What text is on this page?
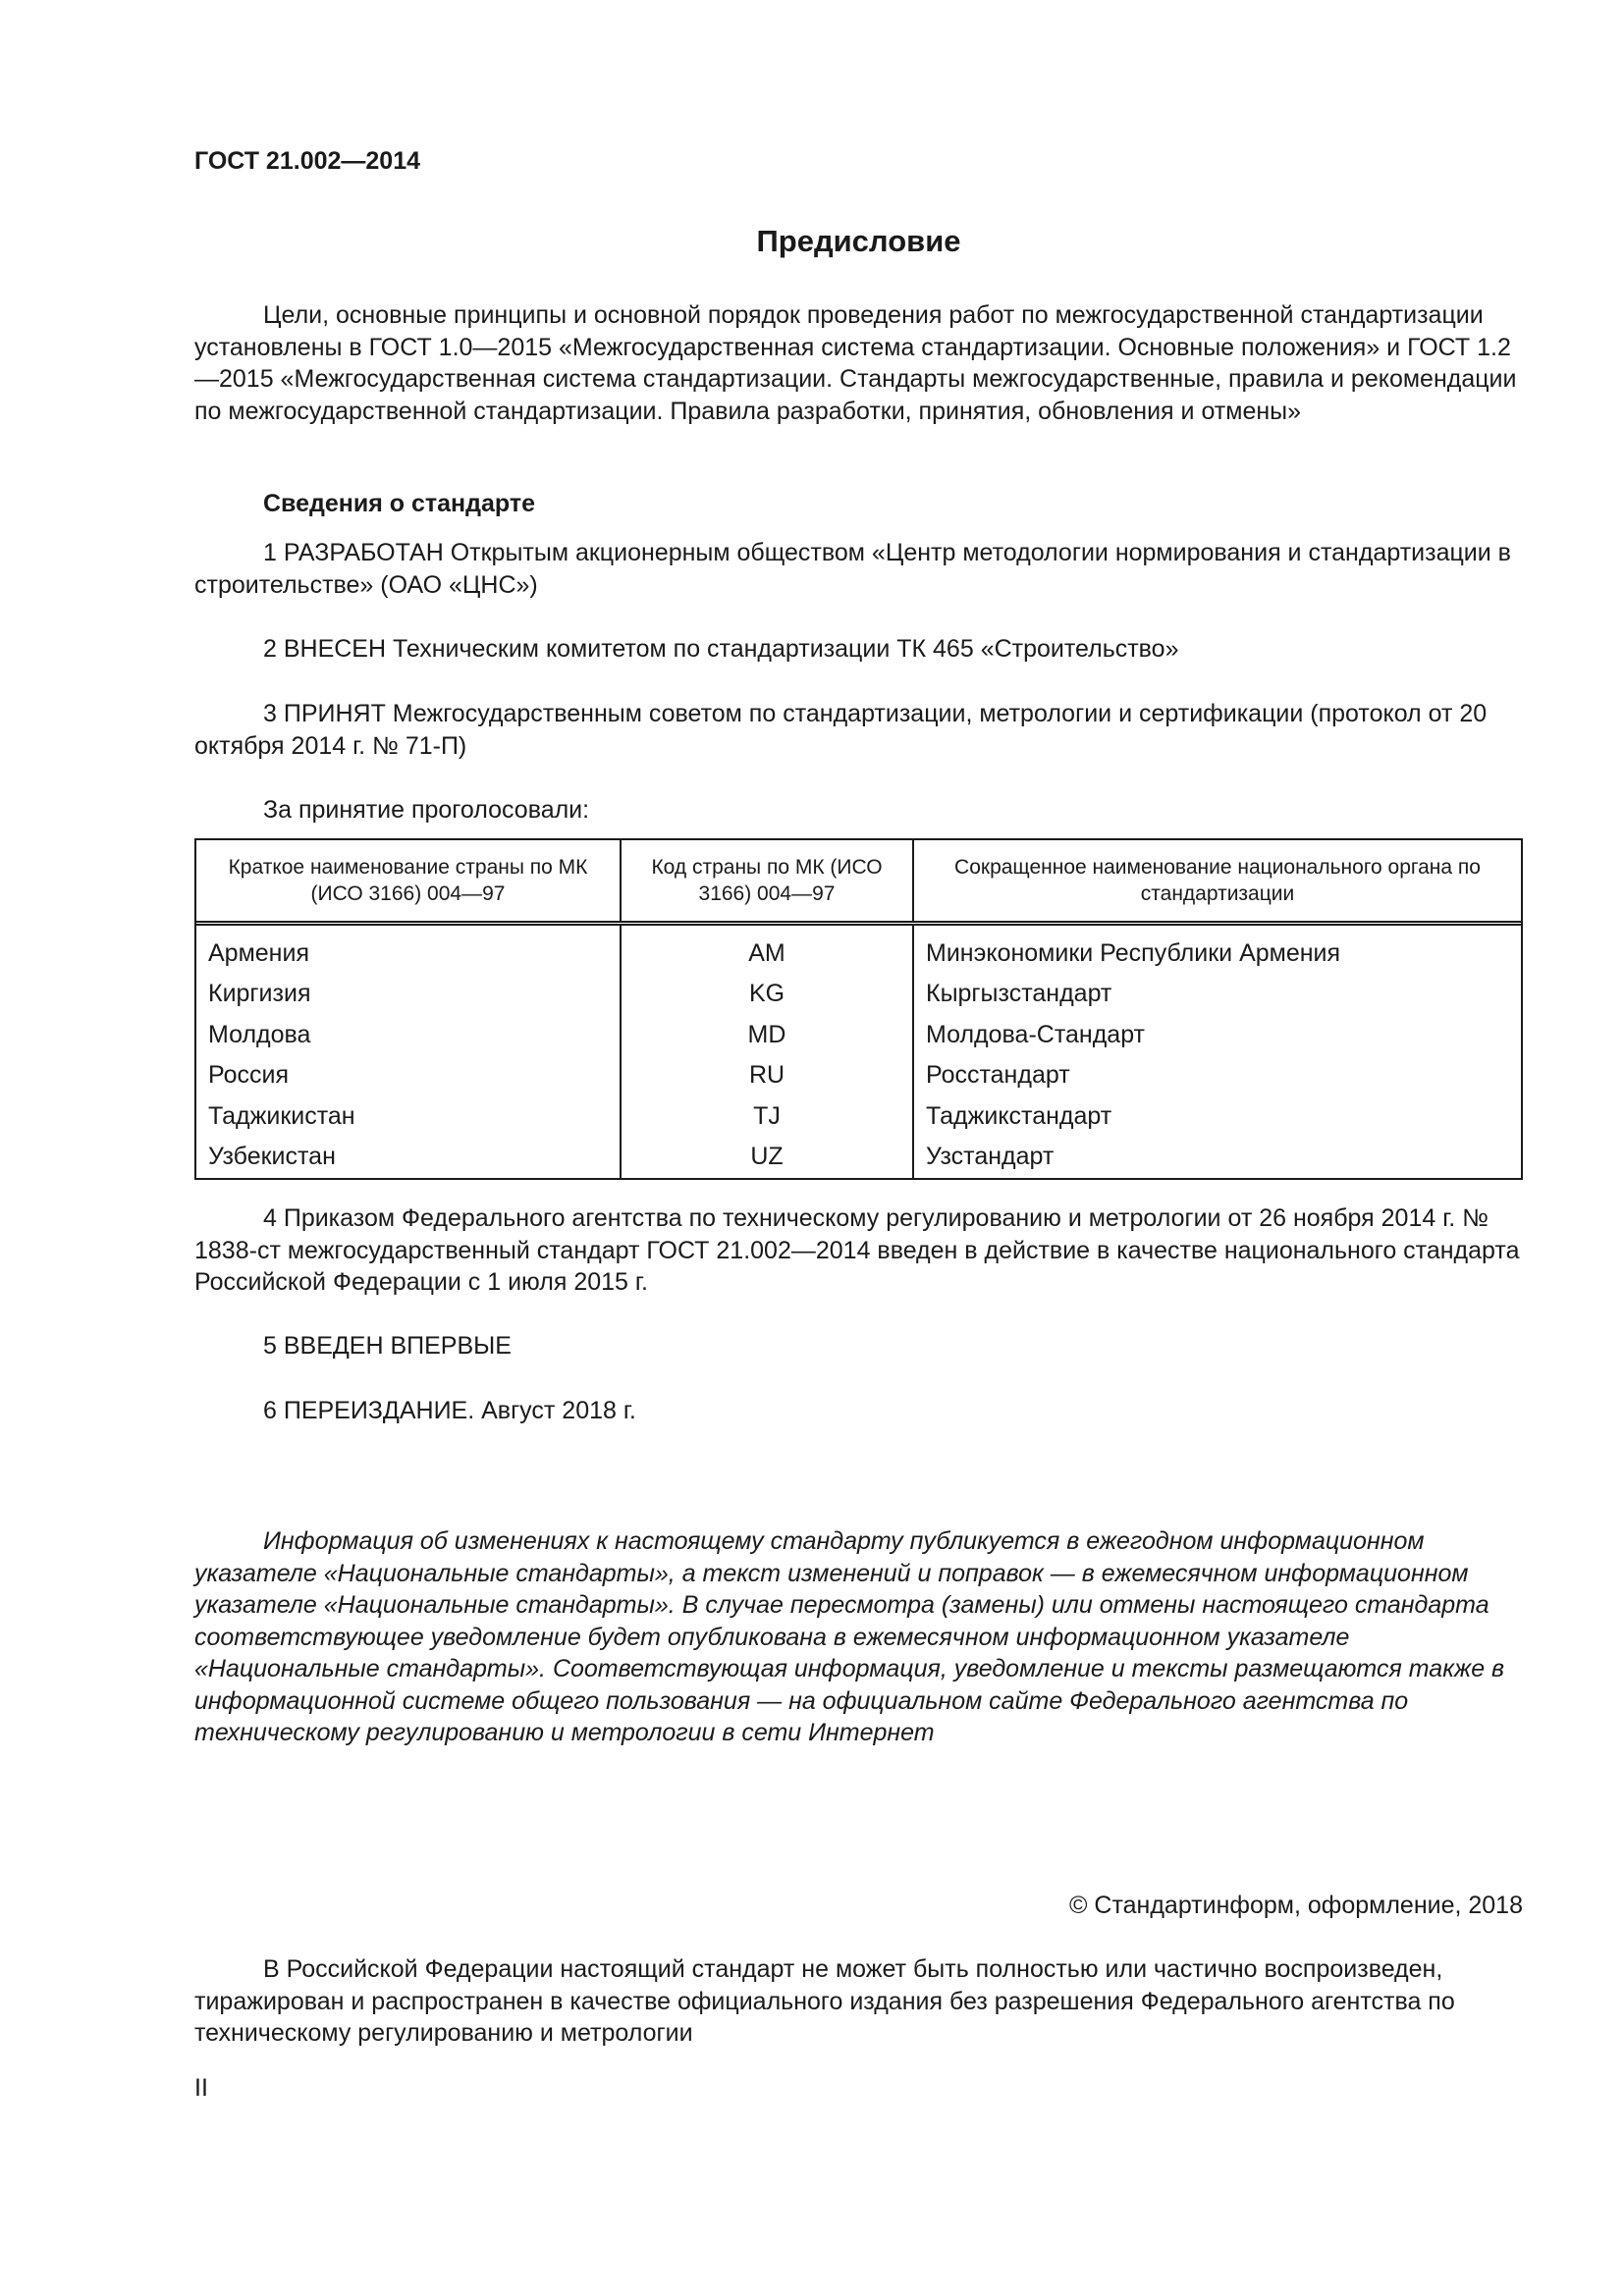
ГОСТ 21.002—2014

Предисловие

Цели, основные принципы и основной порядок проведения работ по межгосударственной стандартизации установлены в ГОСТ 1.0—2015 «Межгосударственная система стандартизации. Основные положения» и ГОСТ 1.2—2015 «Межгосударственная система стандартизации. Стандарты межгосударственные, правила и рекомендации по межгосударственной стандартизации. Правила разработки, принятия, обновления и отмены»

Сведения о стандарте

1 РАЗРАБОТАН Открытым акционерным обществом «Центр методологии нормирования и стандартизации в строительстве» (ОАО «ЦНС»)

2 ВНЕСЕН Техническим комитетом по стандартизации ТК 465 «Строительство»

3 ПРИНЯТ Межгосударственным советом по стандартизации, метрологии и сертификации (протокол от 20 октября 2014 г. № 71-П)

За принятие проголосовали:

Краткое наименование страны по МК (ИСО 3166) 004—97	Код страны по МК (ИСО 3166) 004—97	Сокращенное наименование национального органа по стандартизации
Армения	AM	Минэкономики Республики Армения
Киргизия	KG	Кыргызстандарт
Молдова	MD	Молдова-Стандарт
Россия	RU	Росстандарт
Таджикистан	TJ	Таджикстандарт
Узбекистан	UZ	Узстандарт

4 Приказом Федерального агентства по техническому регулированию и метрологии от 26 ноября 2014 г. № 1838-ст межгосударственный стандарт ГОСТ 21.002—2014 введен в действие в качестве национального стандарта Российской Федерации с 1 июля 2015 г.

5 ВВЕДЕН ВПЕРВЫЕ

6 ПЕРЕИЗДАНИЕ. Август 2018 г.

Информация об изменениях к настоящему стандарту публикуется в ежегодном информационном указателе «Национальные стандарты», а текст изменений и поправок — в ежемесячном информационном указателе «Национальные стандарты». В случае пересмотра (замены) или отмены настоящего стандарта соответствующее уведомление будет опубликована в ежемесячном информационном указателе «Национальные стандарты». Соответствующая информация, уведомление и тексты размещаются также в информационной системе общего пользования — на официальном сайте Федерального агентства по техническому регулированию и метрологии в сети Интернет

© Стандартинформ, оформление, 2018

В Российской Федерации настоящий стандарт не может быть полностью или частично воспроизведен, тиражирован и распространен в качестве официального издания без разрешения Федерального агентства по техническому регулированию и метрологии

II
